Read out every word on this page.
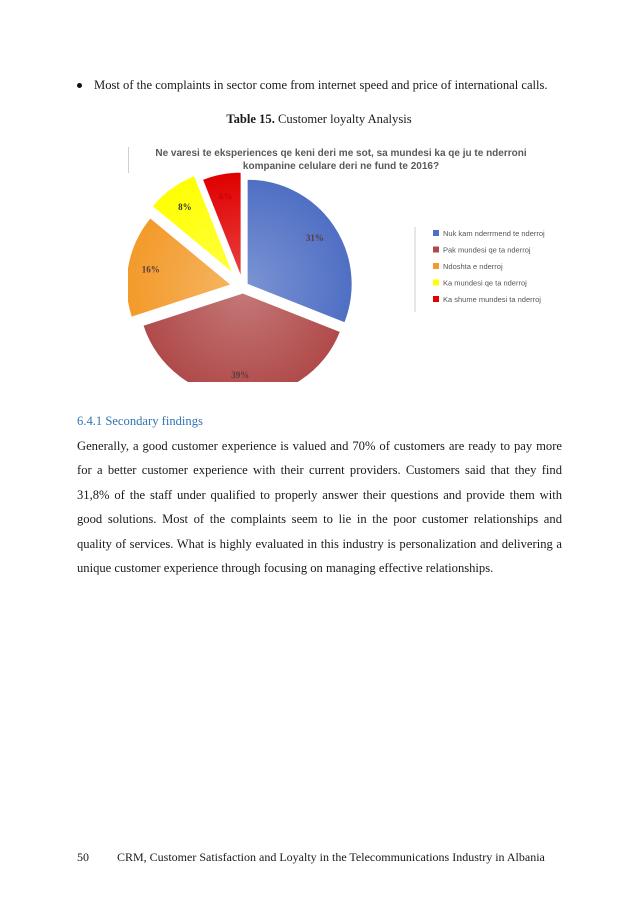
Most of the complaints in sector come from internet speed and price of international calls.
Table 15. Customer loyalty Analysis
Ne varesi te eksperiences qe keni deri me sot, sa mundesi ka qe ju te nderroni
kompanine celulare deri ne fund te 2016?
31%
39%
16%
8%
6%
Nuk kam nderrmend te nderroj
Pak mundesi qe ta nderroj
Ndoshta e nderroj
Ka mundesi qe ta nderroj
Ka shume mundesi ta nderroj
6.4.1 Secondary findings
Generally, a good customer experience is valued and 70% of customers are ready to pay more for a better customer experience with their current providers. Customers said that they find 31,8% of the staff under qualified to properly answer their questions and provide them with good solutions. Most of the complaints seem to lie in the poor customer relationships and quality of services. What is highly evaluated in this industry is personalization and delivering a unique customer experience through focusing on managing effective relationships.
50 CRM, Customer Satisfaction and Loyalty in the Telecommunications Industry in Albania
